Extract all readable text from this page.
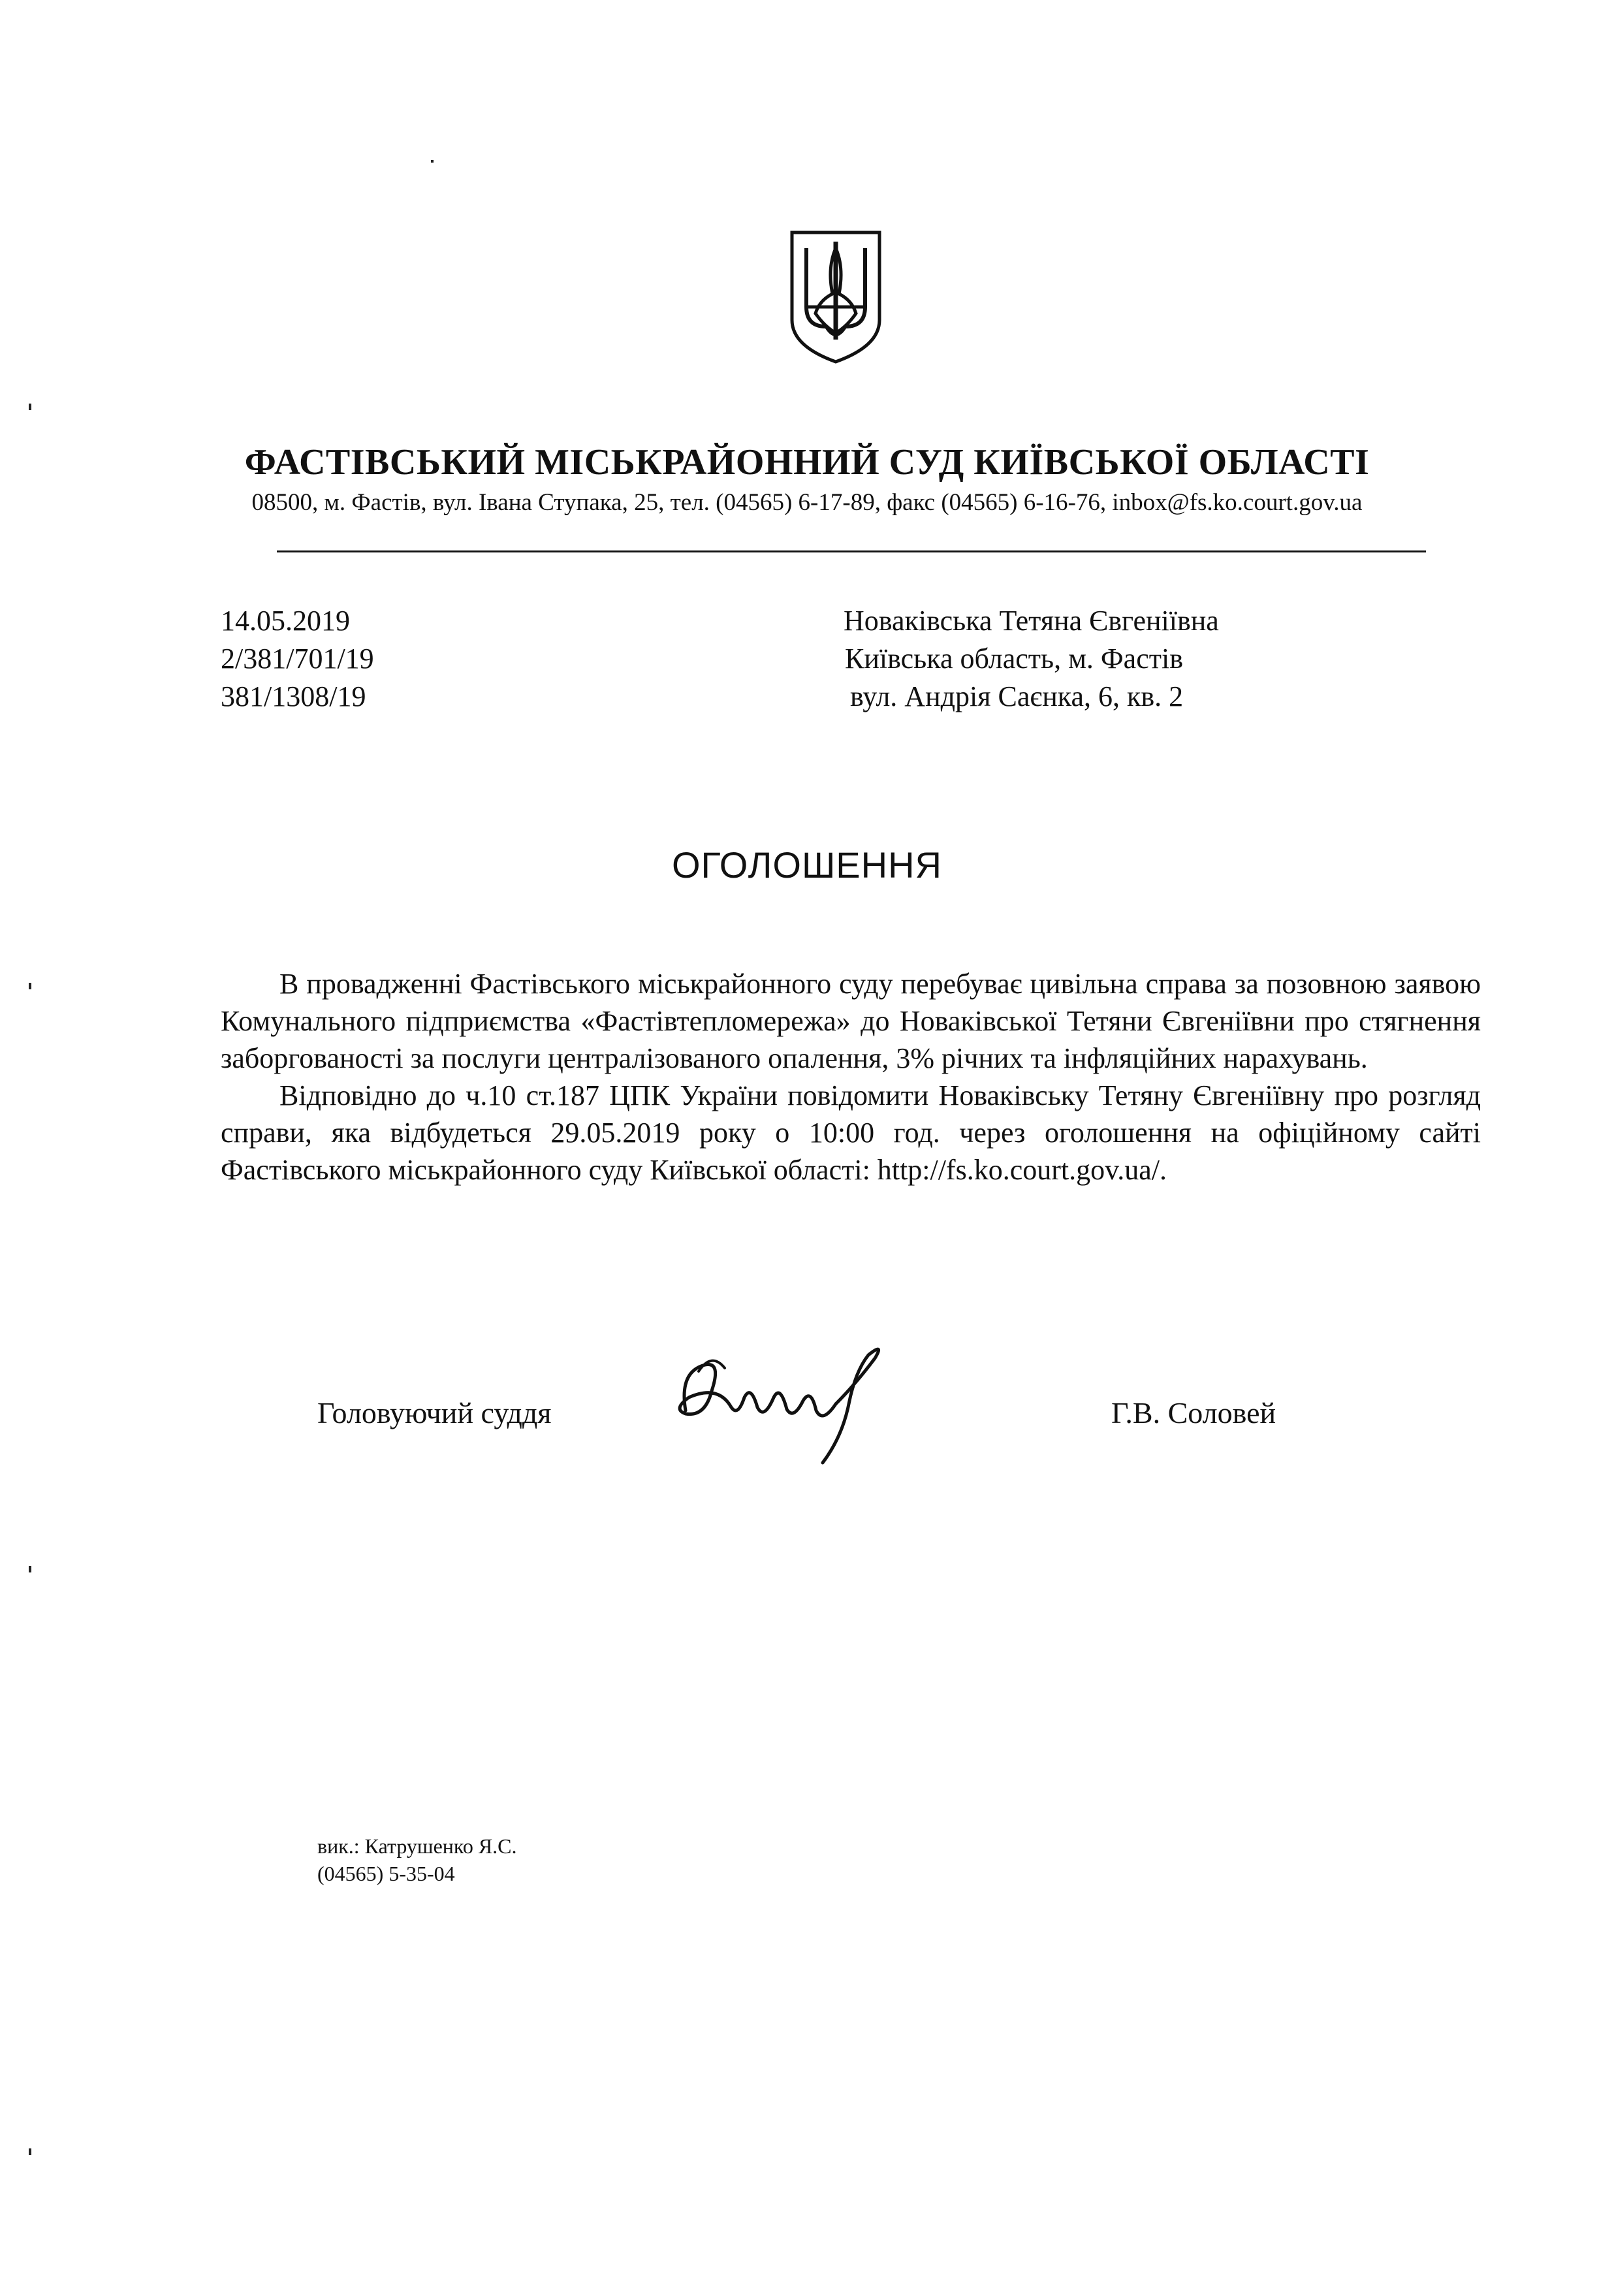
ФАСТІВСЬКИЙ МІСЬКРАЙОННИЙ СУД КИЇВСЬКОЇ ОБЛАСТІ
08500, м. Фастів, вул. Івана Ступака, 25, тел. (04565) 6-17-89, факс (04565) 6-16-76, inbox@fs.ko.court.gov.ua
14.05.2019
2/381/701/19
381/1308/19
Новаківська Тетяна Євгеніївна
Київська область, м. Фастів
вул. Андрія Саєнка, 6, кв. 2
ОГОЛОШЕННЯ

В провадженні Фастівського міськрайонного суду перебуває цивільна справа за позовною заявою Комунального підприємства «Фастівтепломережа» до Новаківської Тетяни Євгеніївни про стягнення заборгованості за послуги централізованого опалення, 3% річних та інфляційних нарахувань.

Відповідно до ч.10 ст.187 ЦПК України повідомити Новаківську Тетяну Євгеніївну про розгляд справи, яка відбудеться 29.05.2019 року о 10:00 год. через оголошення на офіційному сайті Фастівського міськрайонного суду Київської області: http://fs.ko.court.gov.ua/.

Головуючий суддя	Г.В. Соловей
вик.: Катрушенко Я.С.
(04565) 5-35-04
